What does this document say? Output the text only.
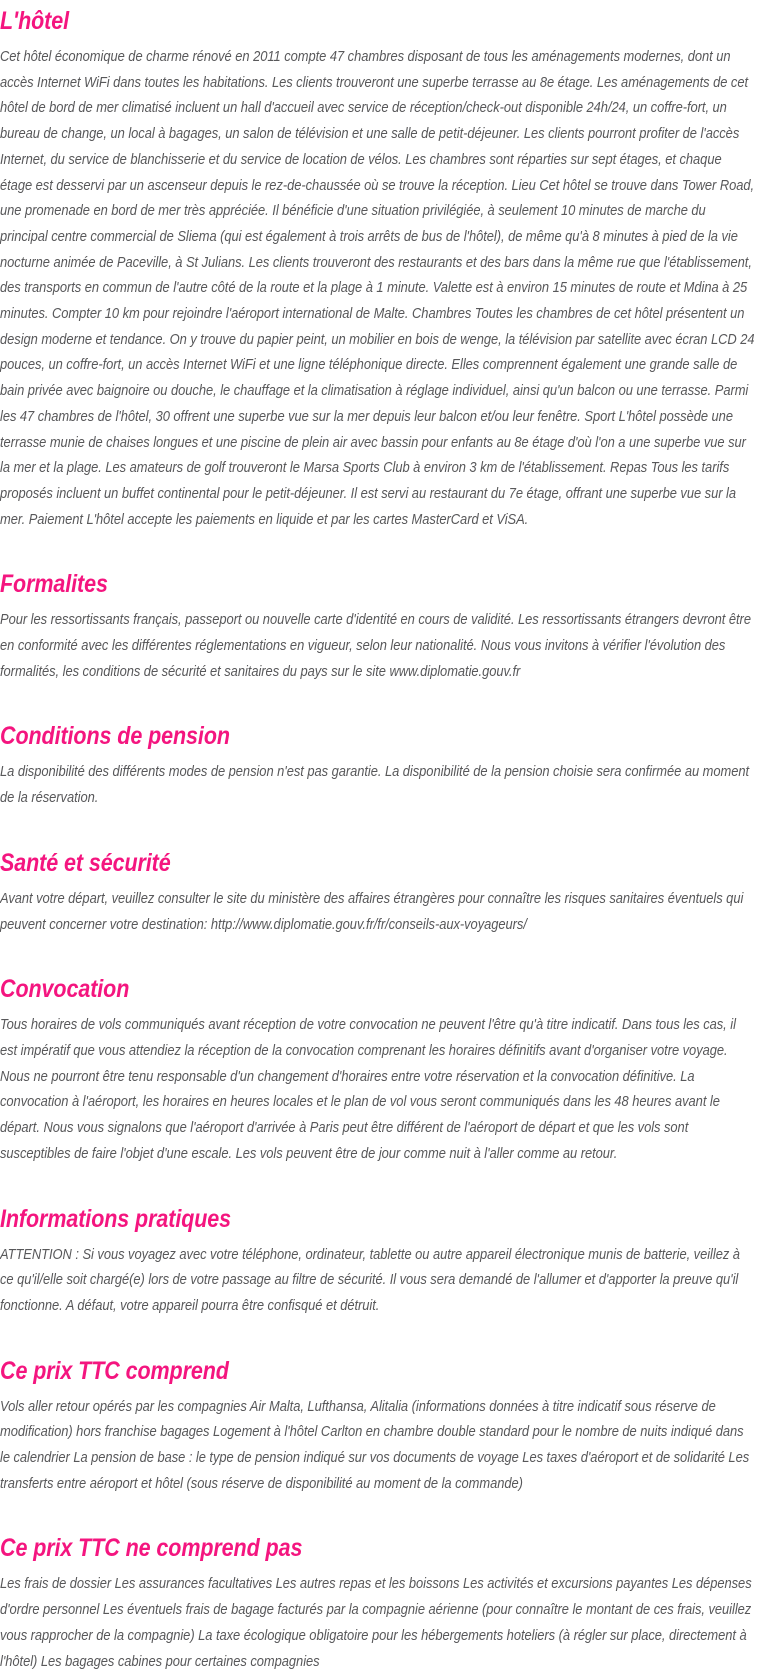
L'hôtel

Cet hôtel économique de charme rénové en 2011 compte 47 chambres disposant de tous les aménagements modernes, dont un accès Internet WiFi dans toutes les habitations. Les clients trouveront une superbe terrasse au 8e étage. Les aménagements de cet hôtel de bord de mer climatisé incluent un hall d'accueil avec service de réception/check-out disponible 24h/24, un coffre-fort, un bureau de change, un local à bagages, un salon de télévision et une salle de petit-déjeuner. Les clients pourront profiter de l'accès Internet, du service de blanchisserie et du service de location de vélos. Les chambres sont réparties sur sept étages, et chaque étage est desservi par un ascenseur depuis le rez-de-chaussée où se trouve la réception. Lieu Cet hôtel se trouve dans Tower Road, une promenade en bord de mer très appréciée. Il bénéficie d'une situation privilégiée, à seulement 10 minutes de marche du principal centre commercial de Sliema (qui est également à trois arrêts de bus de l'hôtel), de même qu'à 8 minutes à pied de la vie nocturne animée de Paceville, à St Julians. Les clients trouveront des restaurants et des bars dans la même rue que l'établissement, des transports en commun de l'autre côté de la route et la plage à 1 minute. Valette est à environ 15 minutes de route et Mdina à 25 minutes. Compter 10 km pour rejoindre l'aéroport international de Malte. Chambres Toutes les chambres de cet hôtel présentent un design moderne et tendance. On y trouve du papier peint, un mobilier en bois de wenge, la télévision par satellite avec écran LCD 24 pouces, un coffre-fort, un accès Internet WiFi et une ligne téléphonique directe. Elles comprennent également une grande salle de bain privée avec baignoire ou douche, le chauffage et la climatisation à réglage individuel, ainsi qu'un balcon ou une terrasse. Parmi les 47 chambres de l'hôtel, 30 offrent une superbe vue sur la mer depuis leur balcon et/ou leur fenêtre. Sport L'hôtel possède une terrasse munie de chaises longues et une piscine de plein air avec bassin pour enfants au 8e étage d'où l'on a une superbe vue sur la mer et la plage. Les amateurs de golf trouveront le Marsa Sports Club à environ 3 km de l'établissement. Repas Tous les tarifs proposés incluent un buffet continental pour le petit-déjeuner. Il est servi au restaurant du 7e étage, offrant une superbe vue sur la mer. Paiement L'hôtel accepte les paiements en liquide et par les cartes MasterCard et ViSA.

Formalites

Pour les ressortissants français, passeport ou nouvelle carte d'identité en cours de validité. Les ressortissants étrangers devront être en conformité avec les différentes réglementations en vigueur, selon leur nationalité. Nous vous invitons à vérifier l'évolution des formalités, les conditions de sécurité et sanitaires du pays sur le site www.diplomatie.gouv.fr

Conditions de pension

La disponibilité des différents modes de pension n'est pas garantie. La disponibilité de la pension choisie sera confirmée au moment de la réservation.

Santé et sécurité

Avant votre départ, veuillez consulter le site du ministère des affaires étrangères pour connaître les risques sanitaires éventuels qui peuvent concerner votre destination: http://www.diplomatie.gouv.fr/fr/conseils-aux-voyageurs/

Convocation

Tous horaires de vols communiqués avant réception de votre convocation ne peuvent l'être qu'à titre indicatif. Dans tous les cas, il est impératif que vous attendiez la réception de la convocation comprenant les horaires définitifs avant d'organiser votre voyage. Nous ne pourront être tenu responsable d'un changement d'horaires entre votre réservation et la convocation définitive. La convocation à l'aéroport, les horaires en heures locales et le plan de vol vous seront communiqués dans les 48 heures avant le départ. Nous vous signalons que l'aéroport d'arrivée à Paris peut être différent de l'aéroport de départ et que les vols sont susceptibles de faire l'objet d'une escale. Les vols peuvent être de jour comme nuit à l'aller comme au retour.

Informations pratiques

ATTENTION : Si vous voyagez avec votre téléphone, ordinateur, tablette ou autre appareil électronique munis de batterie, veillez à ce qu'il/elle soit chargé(e) lors de votre passage au filtre de sécurité. Il vous sera demandé de l'allumer et d'apporter la preuve qu'il fonctionne. A défaut, votre appareil pourra être confisqué et détruit.

Ce prix TTC comprend

Vols aller retour opérés par les compagnies Air Malta, Lufthansa, Alitalia (informations données à titre indicatif sous réserve de modification) hors franchise bagages Logement à l'hôtel Carlton en chambre double standard pour le nombre de nuits indiqué dans le calendrier La pension de base : le type de pension indiqué sur vos documents de voyage Les taxes d'aéroport et de solidarité Les transferts entre aéroport et hôtel (sous réserve de disponibilité au moment de la commande)

Ce prix TTC ne comprend pas

Les frais de dossier Les assurances facultatives Les autres repas et les boissons Les activités et excursions payantes Les dépenses d'ordre personnel Les éventuels frais de bagage facturés par la compagnie aérienne (pour connaître le montant de ces frais, veuillez vous rapprocher de la compagnie) La taxe écologique obligatoire pour les hébergements hoteliers (à régler sur place, directement à l'hôtel) Les bagages cabines pour certaines compagnies
